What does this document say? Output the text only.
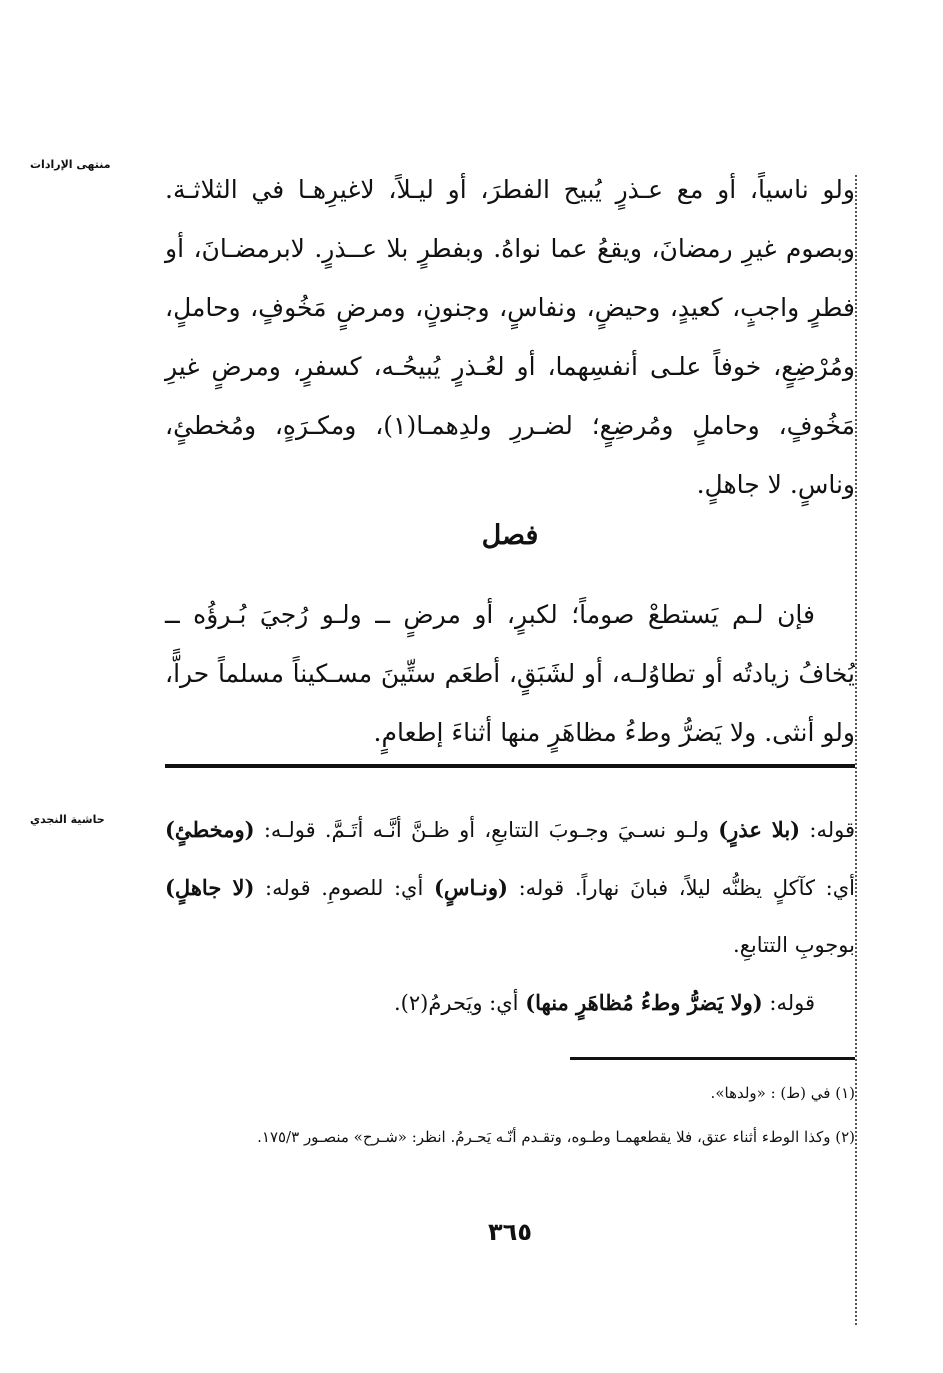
منتهى الإرادات

ولو ناسياً، أو مع عـذرٍ يُبيح الفطرَ، أو ليـلاً، لاغيرِهـا في الثلاثـة. وبصوم غيرِ رمضانَ، ويقعُ عما نواهُ. وبفطرٍ بلا عــذرٍ. لابرمضـانَ، أو فطرٍ واجبٍ، كعيدٍ، وحيضٍ، ونفاسٍ، وجنونٍ، ومرضٍ مَخُوفٍ، وحاملٍ، ومُرْضِعٍ، خوفاً علـى أنفسِهما، أو لعُـذرٍ يُبيحُـه، كسفرٍ، ومرضٍ غيرِ مَخُوفٍ، وحاملٍ ومُرضِعٍ؛ لضـررِ ولدِهمـا(١)، ومكـرَهٍ، ومُخطئٍ، وناسٍ. لا جاهلٍ.

فصل

فإن لـم يَستطعْ صوماً؛ لكبرٍ، أو مرضٍ ــ ولـو رُجيَ بُـرؤُه ــ يُخافُ زيادتُه أو تطاوُلـه، أو لشَبَقٍ، أطعَم ستِّينَ مسـكيناً مسلماً حراًّ، ولو أنثى. ولا يَضرُّ وطءُ مظاهَرٍ منها أثناءَ إطعامٍ.

حاشية النجدي	قوله: (بلا عذرٍ) ولـو نسـيَ وجـوبَ التتابعِ، أو ظـنَّ أنَّـه أتَـمَّ. قولـه: (ومخطئٍ) أي: كآكلٍ يظنُّه ليلاً، فبانَ نهاراً. قوله: (ونـاسٍ) أي: للصومِ. قوله: (لا جاهلٍ) بوجوبِ التتابعِ.

قوله: (ولا يَضرُّ وطءُ مُظاهَرٍ منها) أي: ويَحرمُ(٢).

(١) في (ط) : «ولدها».

(٢) وكذا الوطء أثناء عتق، فلا يقطعهمـا وطـوه، وتقـدم أنّـه يَحـرمُ. انظر: «شـرح» منصـور ١٧٥/٣.

٣٦٥
